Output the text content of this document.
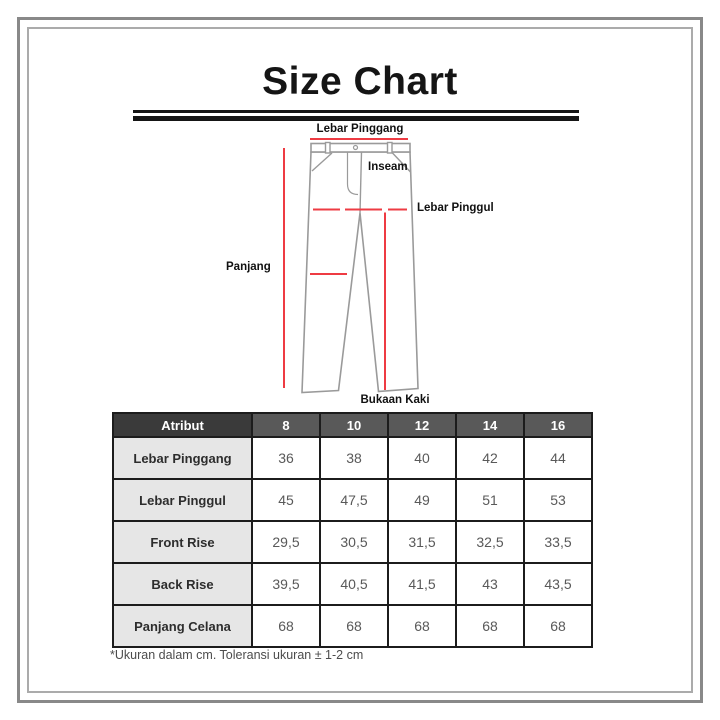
Size Chart
Lebar Pinggang
Inseam
Lebar Pinggul
Panjang
Bukaan Kaki
Atribut	8	10	12	14	16
Lebar Pinggang	36	38	40	42	44
Lebar Pinggul	45	47,5	49	51	53
Front Rise	29,5	30,5	31,5	32,5	33,5
Back Rise	39,5	40,5	41,5	43	43,5
Panjang Celana	68	68	68	68	68
*Ukuran dalam cm. Toleransi ukuran ± 1-2 cm
